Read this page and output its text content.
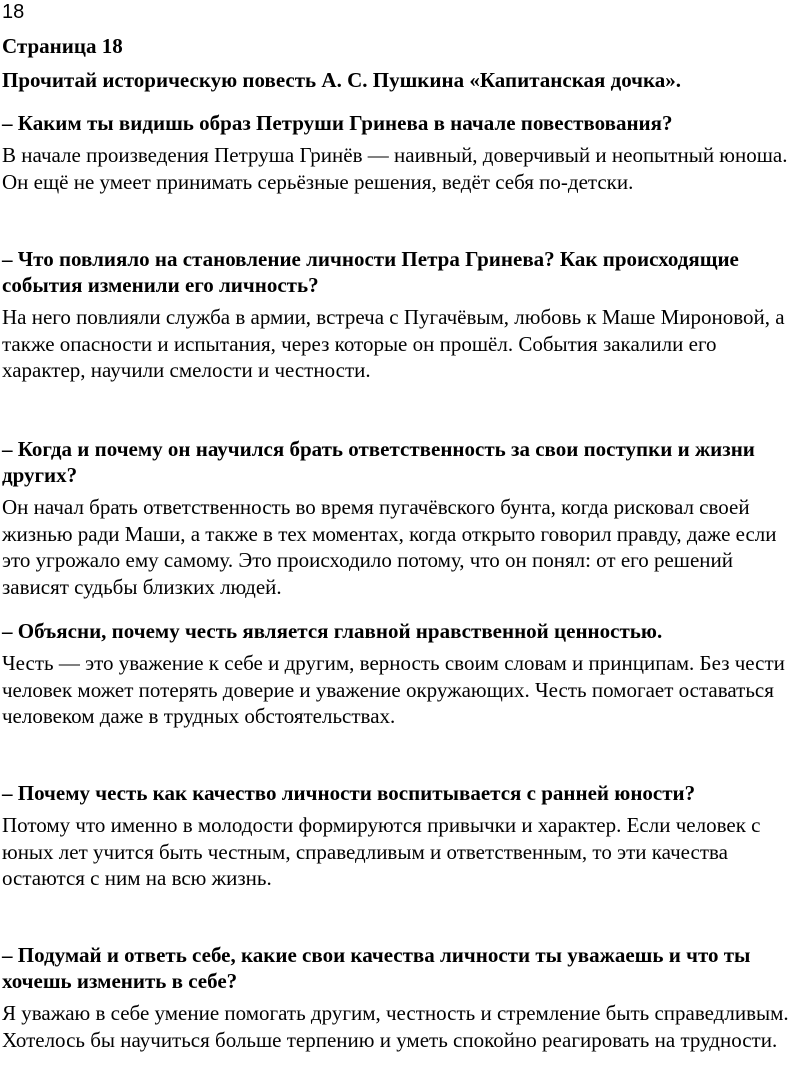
18

Страница 18

Прочитай историческую повесть А. С. Пушкина «Капитанская дочка».

– Каким ты видишь образ Петруши Гринева в начале повествования?

В начале произведения Петруша Гринёв — наивный, доверчивый и неопытный юноша. Он ещё не умеет принимать серьёзные решения, ведёт себя по-детски.

– Что повлияло на становление личности Петра Гринева? Как происходящие события изменили его личность?

На него повлияли служба в армии, встреча с Пугачёвым, любовь к Маше Мироновой, а также опасности и испытания, через которые он прошёл. События закалили его характер, научили смелости и честности.

– Когда и почему он научился брать ответственность за свои поступки и жизни других?

Он начал брать ответственность во время пугачёвского бунта, когда рисковал своей жизнью ради Маши, а также в тех моментах, когда открыто говорил правду, даже если это угрожало ему самому. Это происходило потому, что он понял: от его решений зависят судьбы близких людей.

– Объясни, почему честь является главной нравственной ценностью.

Честь — это уважение к себе и другим, верность своим словам и принципам. Без чести человек может потерять доверие и уважение окружающих. Честь помогает оставаться человеком даже в трудных обстоятельствах.

– Почему честь как качество личности воспитывается с ранней юности?

Потому что именно в молодости формируются привычки и характер. Если человек с юных лет учится быть честным, справедливым и ответственным, то эти качества остаются с ним на всю жизнь.

– Подумай и ответь себе, какие свои качества личности ты уважаешь и что ты хочешь изменить в себе?

Я уважаю в себе умение помогать другим, честность и стремление быть справедливым. Хотелось бы научиться больше терпению и уметь спокойно реагировать на трудности.
